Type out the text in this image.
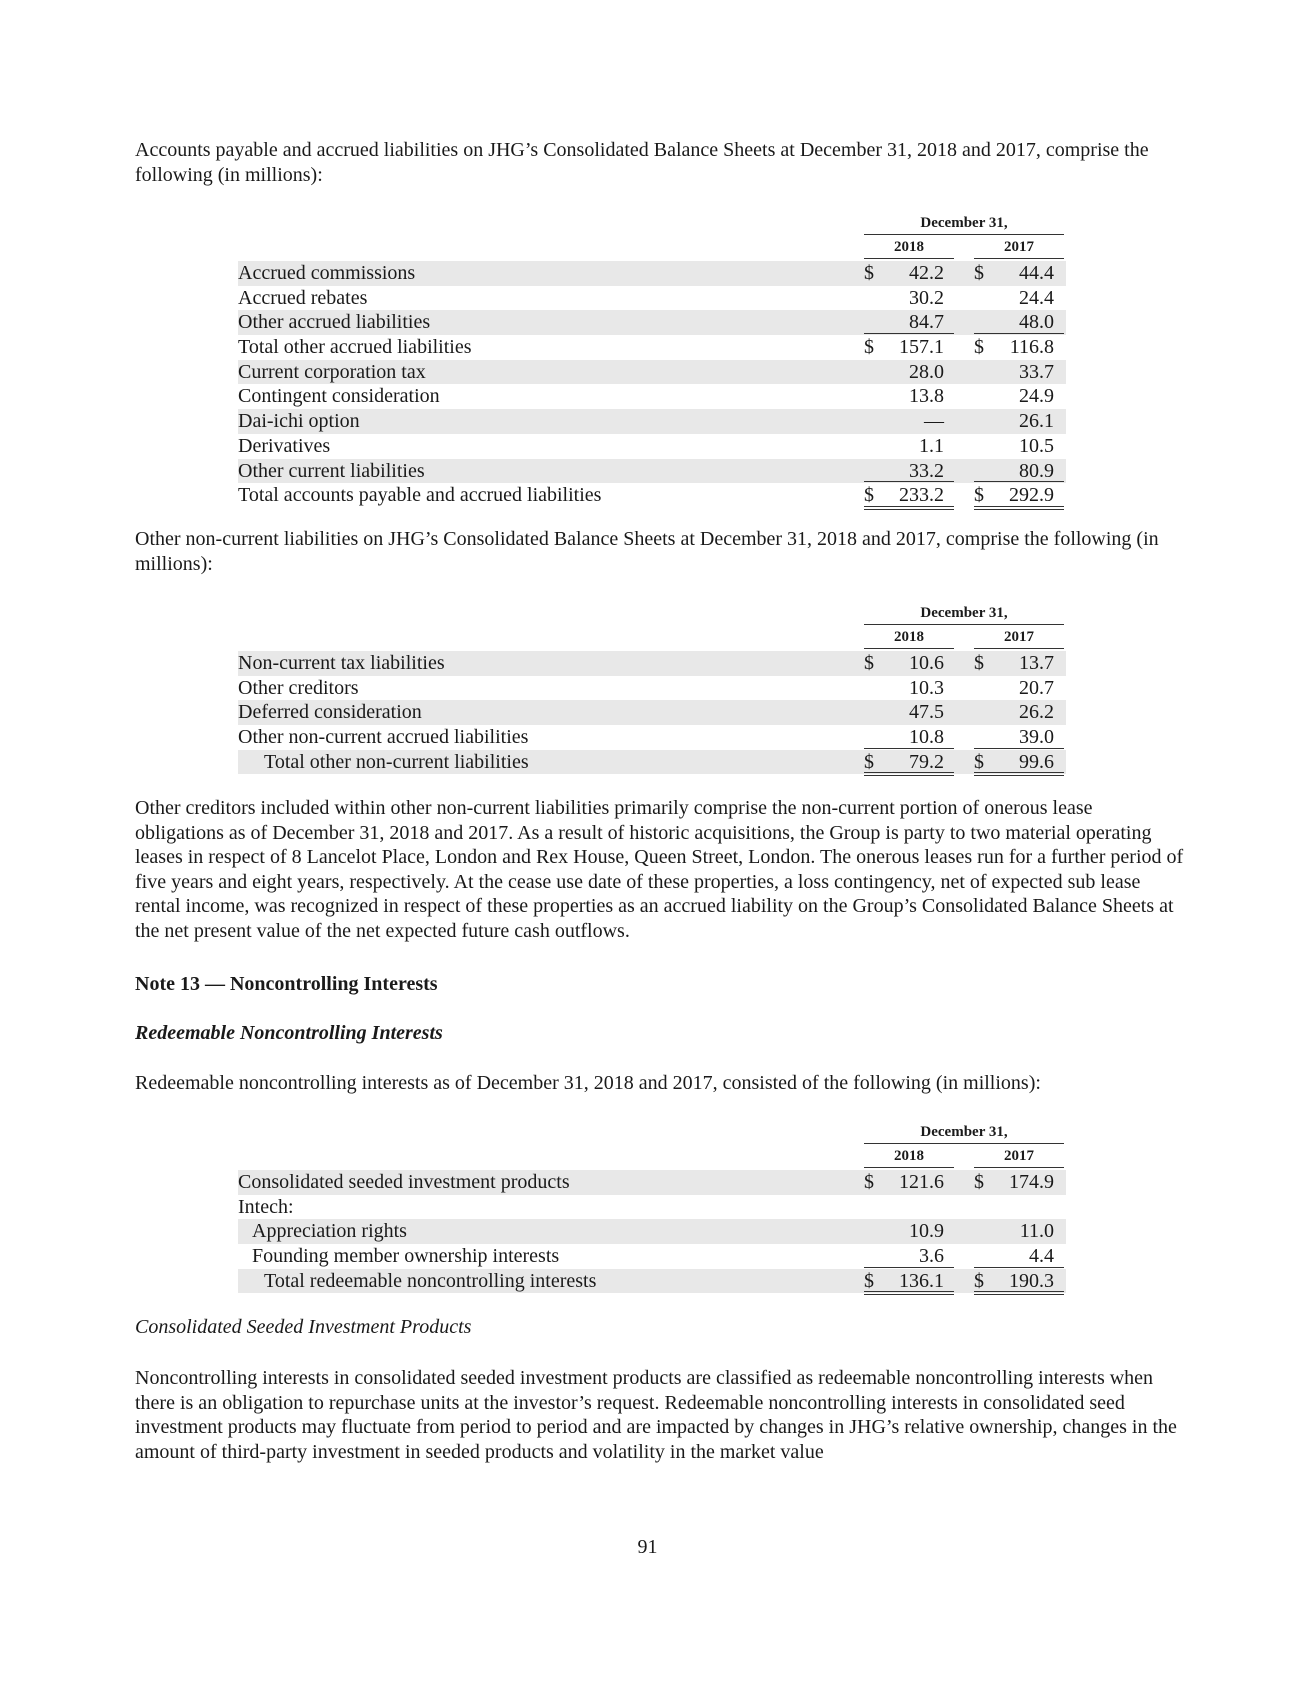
Accounts payable and accrued liabilities on JHG’s Consolidated Balance Sheets at December 31, 2018 and 2017, comprise the following (in millions):

December 31,
2018	2017
Accrued commissions	$	42.2 $	44.4
Accrued rebates	30.2	24.4
Other accrued liabilities	84.7	48.0
Total other accrued liabilities	$	157.1 $	116.8
Current corporation tax	28.0	33.7
Contingent consideration	13.8	24.9
Dai-ichi option	—	26.1
Derivatives	1.1	10.5
Other current liabilities	33.2	80.9
Total accounts payable and accrued liabilities	$	233.2 $	292.9

Other non-current liabilities on JHG’s Consolidated Balance Sheets at December 31, 2018 and 2017, comprise the following (in millions):

December 31,
2018	2017
Non-current tax liabilities	$	10.6 $	13.7
Other creditors	10.3	20.7
Deferred consideration	47.5	26.2
Other non-current accrued liabilities	10.8	39.0
Total other non-current liabilities	$	79.2 $	99.6

Other creditors included within other non-current liabilities primarily comprise the non-current portion of onerous lease obligations as of December 31, 2018 and 2017. As a result of historic acquisitions, the Group is party to two material operating leases in respect of 8 Lancelot Place, London and Rex House, Queen Street, London. The onerous leases run for a further period of five years and eight years, respectively. At the cease use date of these properties, a loss contingency, net of expected sub lease rental income, was recognized in respect of these properties as an accrued liability on the Group’s Consolidated Balance Sheets at the net present value of the net expected future cash outflows.

Note 13 — Noncontrolling Interests

Redeemable Noncontrolling Interests

Redeemable noncontrolling interests as of December 31, 2018 and 2017, consisted of the following (in millions):

December 31,
2018	2017
Consolidated seeded investment products	$	121.6 $	174.9
Intech:
Appreciation rights	10.9	11.0
Founding member ownership interests	3.6	4.4
Total redeemable noncontrolling interests	$	136.1 $	190.3

Consolidated Seeded Investment Products

Noncontrolling interests in consolidated seeded investment products are classified as redeemable noncontrolling interests when there is an obligation to repurchase units at the investor’s request. Redeemable noncontrolling interests in consolidated seed investment products may fluctuate from period to period and are impacted by changes in JHG’s relative ownership, changes in the amount of third-party investment in seeded products and volatility in the market value

91
